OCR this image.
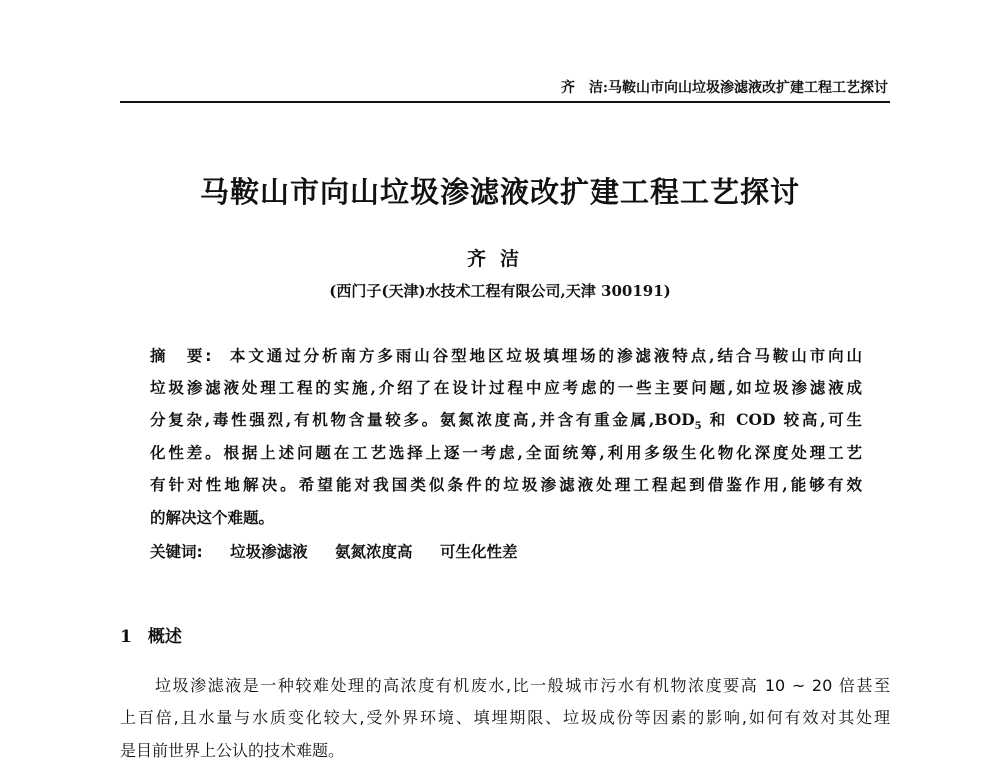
齐　洁:马鞍山市向山垃圾渗滤液改扩建工程工艺探讨
马鞍山市向山垃圾渗滤液改扩建工程工艺探讨
齐洁
(西门子(天津)水技术工程有限公司,天津 300191)
摘　要:  本文通过分析南方多雨山谷型地区垃圾填埋场的渗滤液特点,结合马鞍山市向山
垃圾渗滤液处理工程的实施,介绍了在设计过程中应考虑的一些主要问题,如垃圾渗滤液成
分复杂,毒性强烈,有机物含量较多。氨氮浓度高,并含有重金属$,BOD_5$ 和 COD 较高,可生
化性差。根据上述问题在工艺选择上逐一考虑,全面统筹,利用多级生化物化深度处理工艺
有针对性地解决。希望能对我国类似条件的垃圾渗滤液处理工程起到借鉴作用,能够有效
的解决这个难题。
关键词: 垃圾渗滤液 氨氮浓度高 可生化性差
1 概述
垃圾渗滤液是一种较难处理的高浓度有机废水,比一般城市污水有机物浓度要高 10 ~ 20 倍甚至
上百倍,且水量与水质变化较大,受外界环境、填埋期限、垃圾成份等因素的影响,如何有效对其处理
是目前世界上公认的技术难题。
